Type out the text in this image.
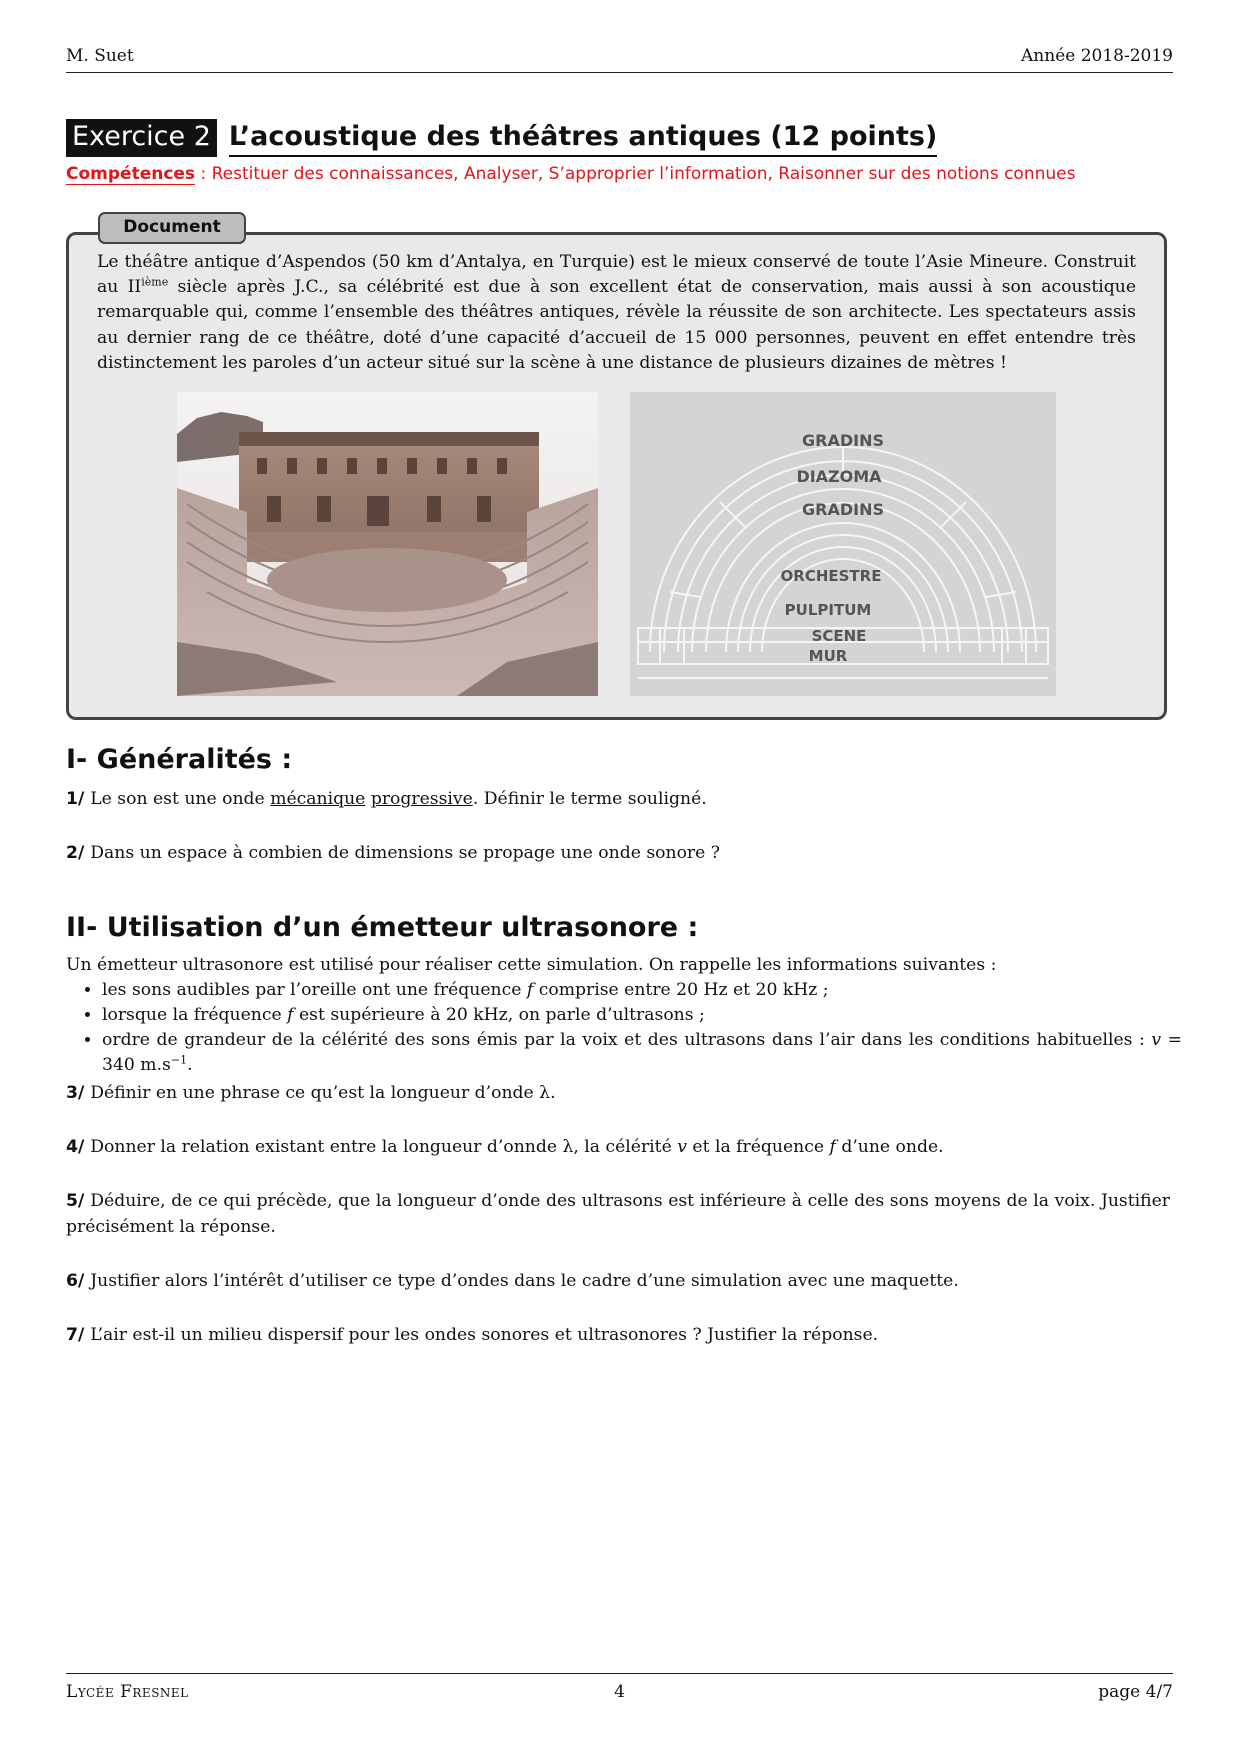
M. Suet	Année 2018-2019
Exercice 2 L’acoustique des théâtres antiques (12 points)
Compétences : Restituer des connaissances, Analyser, S’approprier l’information, Raisonner sur des notions connues
Document
Le théâtre antique d’Aspendos (50 km d’Antalya, en Turquie) est le mieux conservé de toute l’Asie Mineure. Construit au IIième siècle après J.C., sa célébrité est due à son excellent état de conservation, mais aussi à son acoustique remarquable qui, comme l’ensemble des théâtres antiques, révèle la réussite de son architecte. Les spectateurs assis au dernier rang de ce théâtre, doté d’une capacité d’accueil de 15 000 personnes, peuvent en effet entendre très distinctement les paroles d’un acteur situé sur la scène à une distance de plusieurs dizaines de mètres !
GRADINS
DIAZOMA
GRADINS
ORCHESTRE
PULPITUM
SCENE
MUR
I- Généralités :
1/ Le son est une onde mécanique progressive. Définir le terme souligné.
2/ Dans un espace à combien de dimensions se propage une onde sonore ?
II- Utilisation d’un émetteur ultrasonore :
Un émetteur ultrasonore est utilisé pour réaliser cette simulation. On rappelle les informations suivantes :
• les sons audibles par l’oreille ont une fréquence f comprise entre 20 Hz et 20 kHz ;
• lorsque la fréquence f est supérieure à 20 kHz, on parle d’ultrasons ;
• ordre de grandeur de la célérité des sons émis par la voix et des ultrasons dans l’air dans les conditions habituelles : v = 340 $m.s^{-1}$.
3/ Définir en une phrase ce qu’est la longueur d’onde λ.
4/ Donner la relation existant entre la longueur d’onnde λ, la célérité v et la fréquence f d’une onde.
5/ Déduire, de ce qui précède, que la longueur d’onde des ultrasons est inférieure à celle des sons moyens de la voix. Justifier précisément la réponse.
6/ Justifier alors l’intérêt d’utiliser ce type d’ondes dans le cadre d’une simulation avec une maquette.
7/ L’air est-il un milieu dispersif pour les ondes sonores et ultrasonores ? Justifier la réponse.
Lycée Fresnel	4	page 4/7
